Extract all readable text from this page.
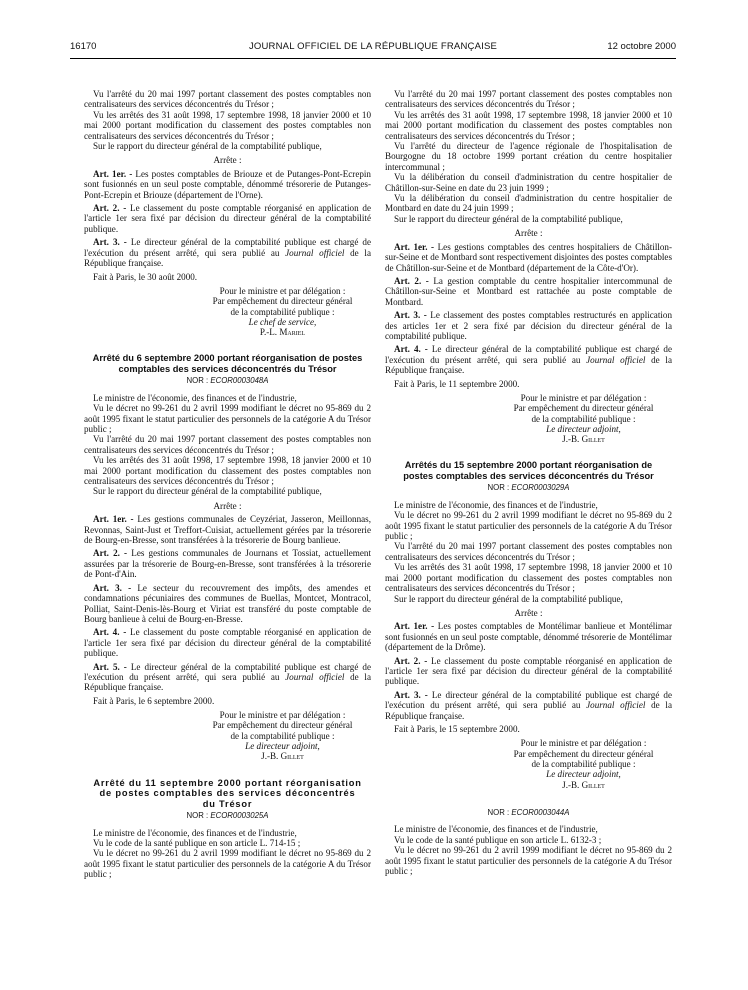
16170	JOURNAL OFFICIEL DE LA RÉPUBLIQUE FRANÇAISE	12 octobre 2000

Vu l'arrêté du 20 mai 1997 portant classement des postes comptables non centralisateurs des services déconcentrés du Trésor ;

Vu les arrêtés des 31 août 1998, 17 septembre 1998, 18 janvier 2000 et 10 mai 2000 portant modification du classement des postes comptables non centralisateurs des services déconcentrés du Trésor ;

Sur le rapport du directeur général de la comptabilité publique,

Arrête :

Art. 1er. - Les postes comptables de Briouze et de Putanges-Pont-Ecrepin sont fusionnés en un seul poste comptable, dénommé trésorerie de Putanges-Pont-Ecrepin et Briouze (département de l'Orne).

Art. 2. - Le classement du poste comptable réorganisé en application de l'article 1er sera fixé par décision du directeur général de la comptabilité publique.

Art. 3. - Le directeur général de la comptabilité publique est chargé de l'exécution du présent arrêté, qui sera publié au Journal officiel de la République française.

Fait à Paris, le 30 août 2000.

Pour le ministre et par délégation :
Par empêchement du directeur général
de la comptabilité publique :
Le chef de service,
P.-L. Mariel
Arrêté du 6 septembre 2000 portant réorganisation de postes comptables des services déconcentrés du Trésor
NOR : ECOR0003048A

Le ministre de l'économie, des finances et de l'industrie,

Vu le décret no 99-261 du 2 avril 1999 modifiant le décret no 95-869 du 2 août 1995 fixant le statut particulier des personnels de la catégorie A du Trésor public ;

Vu l'arrêté du 20 mai 1997 portant classement des postes comptables non centralisateurs des services déconcentrés du Trésor ;

Vu les arrêtés des 31 août 1998, 17 septembre 1998, 18 janvier 2000 et 10 mai 2000 portant modification du classement des postes comptables non centralisateurs des services déconcentrés du Trésor ;

Sur le rapport du directeur général de la comptabilité publique,

Arrête :

Art. 1er. - Les gestions communales de Ceyzériat, Jasseron, Meillonnas, Revonnas, Saint-Just et Treffort-Cuisiat, actuellement gérées par la trésorerie de Bourg-en-Bresse, sont transférées à la trésorerie de Bourg banlieue.

Art. 2. - Les gestions communales de Journans et Tossiat, actuellement assurées par la trésorerie de Bourg-en-Bresse, sont transférées à la trésorerie de Pont-d'Ain.

Art. 3. - Le secteur du recouvrement des impôts, des amendes et condamnations pécuniaires des communes de Buellas, Montcet, Montracol, Polliat, Saint-Denis-lès-Bourg et Viriat est transféré du poste comptable de Bourg banlieue à celui de Bourg-en-Bresse.

Art. 4. - Le classement du poste comptable réorganisé en application de l'article 1er sera fixé par décision du directeur général de la comptabilité publique.

Art. 5. - Le directeur général de la comptabilité publique est chargé de l'exécution du présent arrêté, qui sera publié au Journal officiel de la République française.

Fait à Paris, le 6 septembre 2000.

Pour le ministre et par délégation :
Par empêchement du directeur général
de la comptabilité publique :
Le directeur adjoint,
J.-B. Gillet
Arrêté du 11 septembre 2000 portant réorganisation de postes comptables des services déconcentrés du Trésor
NOR : ECOR0003025A

Le ministre de l'économie, des finances et de l'industrie,

Vu le code de la santé publique en son article L. 714-15 ;

Vu le décret no 99-261 du 2 avril 1999 modifiant le décret no 95-869 du 2 août 1995 fixant le statut particulier des personnels de la catégorie A du Trésor public ;

Vu l'arrêté du 20 mai 1997 portant classement des postes comptables non centralisateurs des services déconcentrés du Trésor ;

Vu les arrêtés des 31 août 1998, 17 septembre 1998, 18 janvier 2000 et 10 mai 2000 portant modification du classement des postes comptables non centralisateurs des services déconcentrés du Trésor ;

Vu l'arrêté du directeur de l'agence régionale de l'hospitalisation de Bourgogne du 18 octobre 1999 portant création du centre hospitalier intercommunal ;

Vu la délibération du conseil d'administration du centre hospitalier de Châtillon-sur-Seine en date du 23 juin 1999 ;

Vu la délibération du conseil d'administration du centre hospitalier de Montbard en date du 24 juin 1999 ;

Sur le rapport du directeur général de la comptabilité publique,

Arrête :

Art. 1er. - Les gestions comptables des centres hospitaliers de Châtillon-sur-Seine et de Montbard sont respectivement disjointes des postes comptables de Châtillon-sur-Seine et de Montbard (département de la Côte-d'Or).

Art. 2. - La gestion comptable du centre hospitalier intercommunal de Châtillon-sur-Seine et Montbard est rattachée au poste comptable de Montbard.

Art. 3. - Le classement des postes comptables restructurés en application des articles 1er et 2 sera fixé par décision du directeur général de la comptabilité publique.

Art. 4. - Le directeur général de la comptabilité publique est chargé de l'exécution du présent arrêté, qui sera publié au Journal officiel de la République française.

Fait à Paris, le 11 septembre 2000.

Pour le ministre et par délégation :
Par empêchement du directeur général
de la comptabilité publique :
Le directeur adjoint,
J.-B. Gillet
Arrêtés du 15 septembre 2000 portant réorganisation de postes comptables des services déconcentrés du Trésor
NOR : ECOR0003029A

Le ministre de l'économie, des finances et de l'industrie,

Vu le décret no 99-261 du 2 avril 1999 modifiant le décret no 95-869 du 2 août 1995 fixant le statut particulier des personnels de la catégorie A du Trésor public ;

Vu l'arrêté du 20 mai 1997 portant classement des postes comptables non centralisateurs des services déconcentrés du Trésor ;

Vu les arrêtés des 31 août 1998, 17 septembre 1998, 18 janvier 2000 et 10 mai 2000 portant modification du classement des postes comptables non centralisateurs des services déconcentrés du Trésor ;

Sur le rapport du directeur général de la comptabilité publique,

Arrête :

Art. 1er. - Les postes comptables de Montélimar banlieue et Montélimar sont fusionnés en un seul poste comptable, dénommé trésorerie de Montélimar (département de la Drôme).

Art. 2. - Le classement du poste comptable réorganisé en application de l'article 1er sera fixé par décision du directeur général de la comptabilité publique.

Art. 3. - Le directeur général de la comptabilité publique est chargé de l'exécution du présent arrêté, qui sera publié au Journal officiel de la République française.

Fait à Paris, le 15 septembre 2000.

Pour le ministre et par délégation :
Par empêchement du directeur général
de la comptabilité publique :
Le directeur adjoint,
J.-B. Gillet
NOR : ECOR0003044A

Le ministre de l'économie, des finances et de l'industrie,

Vu le code de la santé publique en son article L. 6132-3 ;

Vu le décret no 99-261 du 2 avril 1999 modifiant le décret no 95-869 du 2 août 1995 fixant le statut particulier des personnels de la catégorie A du Trésor public ;
